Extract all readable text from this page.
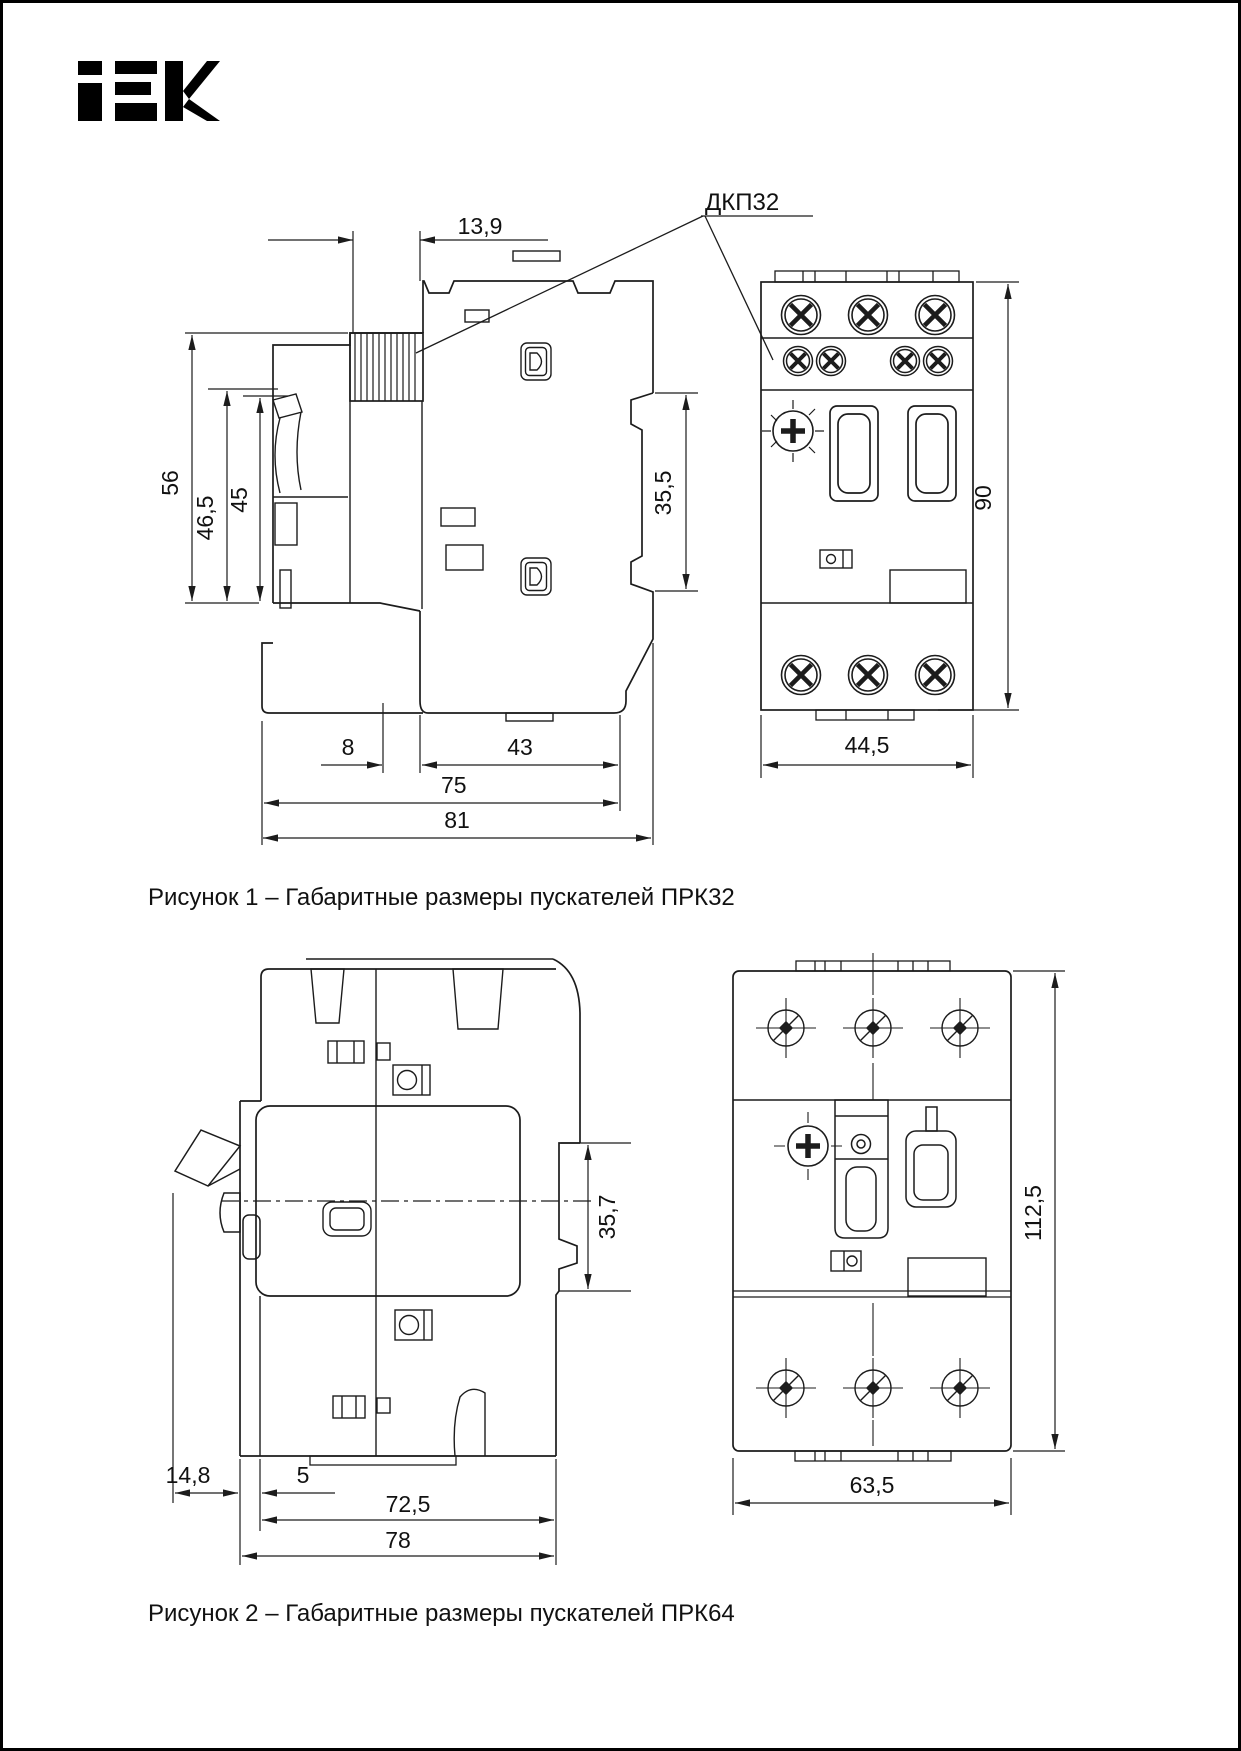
13,9
56
46,5 45	35,5
8	43
75
81
90
44,5
ДКП32
Рисунок 1 – Габаритные размеры пускателей ПРК32
35,7
14,8	5
72,5
78
112,5
63,5
Рисунок 2 – Габаритные размеры пускателей ПРК64
